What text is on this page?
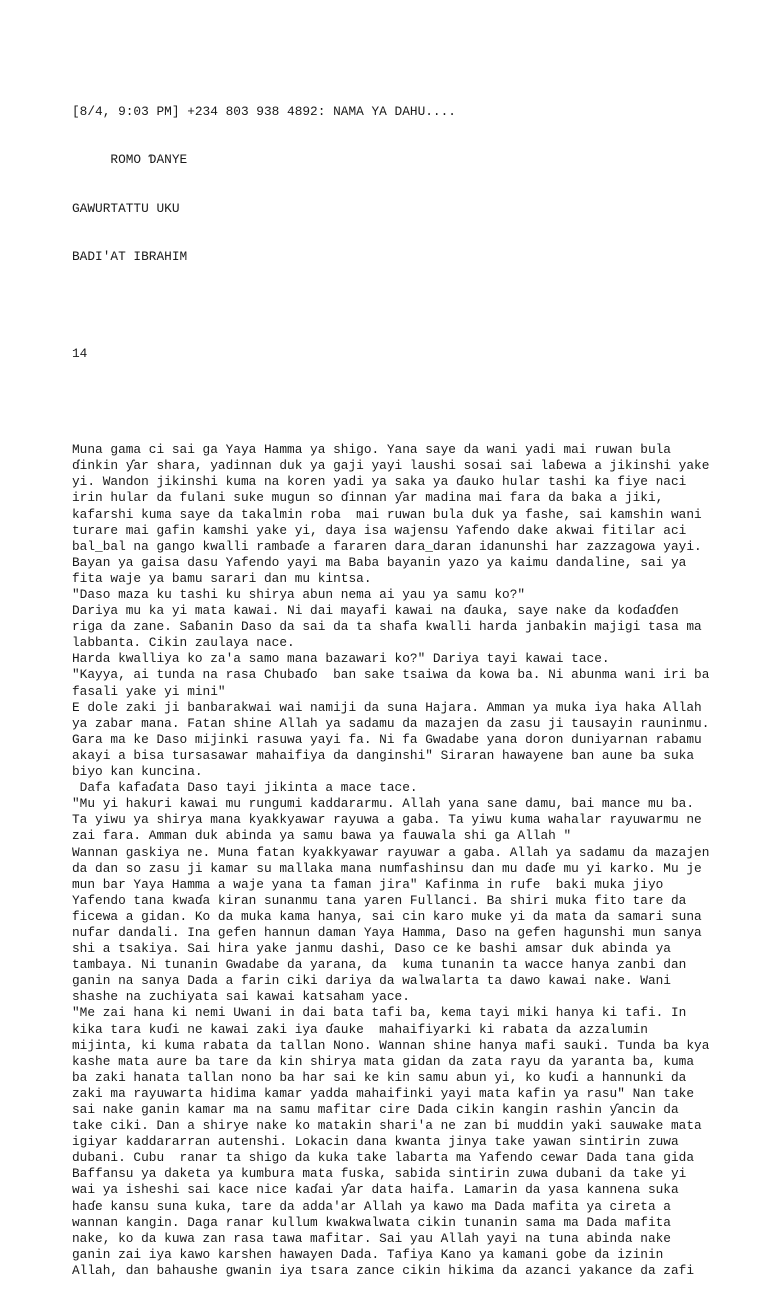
[8/4, 9:03 PM] +234 803 938 4892: NAMA YA DAHU....

ROMO ƊANYE

GAWURTATTU UKU

BADI'AT IBRAHIM

14

Muna gama ci sai ga Yaya Hamma ya shigo. Yana saye da wani yadi mai ruwan bula
ɗinkin ƴar shara, yadinnan duk ya gaji yayi laushi sosai sai laɓewa a jikinshi yake
yi. Wandon jikinshi kuma na koren yadi ya saka ya ɗauko hular tashi ka fiye naci
irin hular da fulani suke mugun so ɗinnan ƴar madina mai fara da baka a jiki,
kafarshi kuma saye da takalmin roba  mai ruwan bula duk ya fashe, sai kamshin wani
turare mai gafin kamshi yake yi, daya isa wajensu Yafendo dake akwai fitilar aci
bal_bal na gango kwalli rambaɗe a fararen dara_daran idanunshi har zazzagowa yayi.
Bayan ya gaisa dasu Yafendo yayi ma Baba bayanin yazo ya kaimu dandaline, sai ya
fita waje ya bamu sarari dan mu kintsa.
"Daso maza ku tashi ku shirya abun nema ai yau ya samu ko?"
Dariya mu ka yi mata kawai. Ni dai mayafi kawai na ɗauka, saye nake da koɗaɗɗen
riga da zane. Saɓanin Daso da sai da ta shafa kwalli harda janbakin majigi tasa ma
labbanta. Cikin zaulaya nace.
Harda kwalliya ko za'a samo mana bazawari ko?" Dariya tayi kawai tace.
"Kayya, ai tunda na rasa Chubaɗo  ban sake tsaiwa da kowa ba. Ni abunma wani iri ba
fasali yake yi mini"
E dole zaki ji banbarakwai wai namiji da suna Hajara. Amman ya muka iya haka Allah
ya zabar mana. Fatan shine Allah ya sadamu da mazajen da zasu ji tausayin rauninmu.
Gara ma ke Daso mijinki rasuwa yayi fa. Ni fa Gwadabe yana doron duniyarnan rabamu
akayi a bisa tursasawar mahaifiya da danginshi" Siraran hawayene ban aune ba suka
biyo kan kuncina.
Dafa kafaɗata Daso tayi jikinta a mace tace.
"Mu yi hakuri kawai mu rungumi kaddararmu. Allah yana sane damu, bai mance mu ba.
Ta yiwu ya shirya mana kyakkyawar rayuwa a gaba. Ta yiwu kuma wahalar rayuwarmu ne
zai fara. Amman duk abinda ya samu bawa ya fauwala shi ga Allah "
Wannan gaskiya ne. Muna fatan kyakkyawar rayuwar a gaba. Allah ya sadamu da mazajen
da dan so zasu ji kamar su mallaka mana numfashinsu dan mu daɗe mu yi karko. Mu je
mun bar Yaya Hamma a waje yana ta faman jira" Kafinma in rufe  baki muka jiyo
Yafendo tana kwaɗa kiran sunanmu tana yaren Fullanci. Ba shiri muka fito tare da
ficewa a gidan. Ko da muka kama hanya, sai cin karo muke yi da mata da samari suna
nufar dandali. Ina gefen hannun daman Yaya Hamma, Daso na gefen hagunshi mun sanya
shi a tsakiya. Sai hira yake janmu dashi, Daso ce ke bashi amsar duk abinda ya
tambaya. Ni tunanin Gwadabe da yarana, da  kuma tunanin ta wacce hanya zanbi dan
ganin na sanya Dada a farin ciki dariya da walwalarta ta dawo kawai nake. Wani
shashe na zuchiyata sai kawai katsaham yace.
"Me zai hana ki nemi Uwani in dai bata tafi ba, kema tayi miki hanya ki tafi. In
kika tara kuɗi ne kawai zaki iya ɗauke  mahaifiyarki ki rabata da azzalumin
mijinta, ki kuma rabata da tallan Nono. Wannan shine hanya mafi sauki. Tunda ba kya
kashe mata aure ba tare da kin shirya mata gidan da zata rayu da yaranta ba, kuma
ba zaki hanata tallan nono ba har sai ke kin samu abun yi, ko kuɗi a hannunki da
zaki ma rayuwarta hidima kamar yadda mahaifinki yayi mata kafin ya rasu" Nan take
sai nake ganin kamar ma na samu mafitar cire Dada cikin kangin rashin ƴancin da
take ciki. Dan a shirye nake ko matakin shari'a ne zan bi muddin yaki sauwake mata
igiyar kaddararran autenshi. Lokacin dana kwanta jinya take yawan sintirin zuwa
dubani. Cubu  ranar ta shigo da kuka take labarta ma Yafendo cewar Dada tana gida
Baffansu ya daketa ya kumbura mata fuska, sabida sintirin zuwa dubani da take yi
wai ya isheshi sai kace nice kaɗai ƴar data haifa. Lamarin da yasa kannena suka
haɗe kansu suna kuka, tare da adda'ar Allah ya kawo ma Dada mafita ya cireta a
wannan kangin. Daga ranar kullum kwakwalwata cikin tunanin sama ma Dada mafita
nake, ko da kuwa zan rasa tawa mafitar. Sai yau Allah yayi na tuna abinda nake
ganin zai iya kawo karshen hawayen Dada. Tafiya Kano ya kamani gobe da izinin
Allah, dan bahaushe gwanin iya tsara zance cikin hikima da azanci yakance da zafi
